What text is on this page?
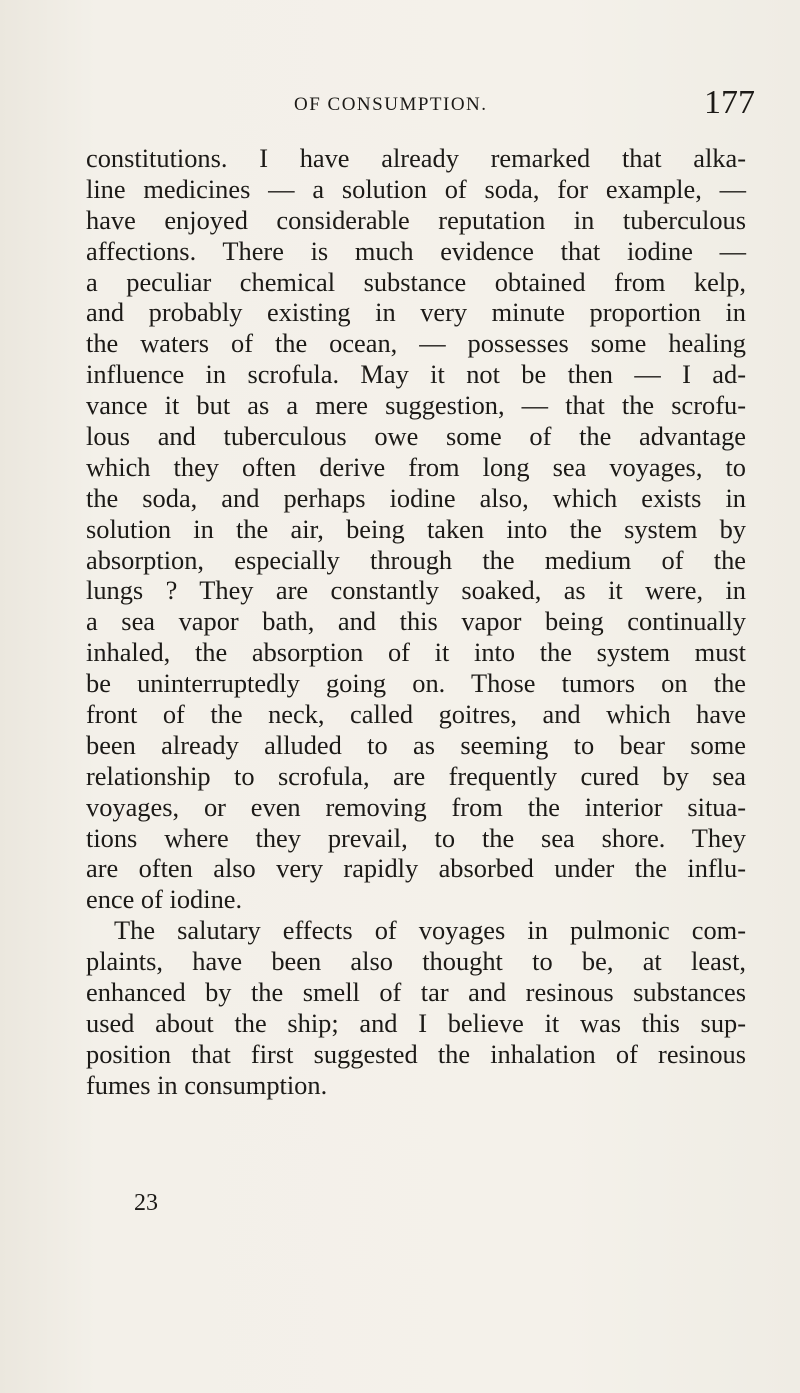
OF CONSUMPTION.	177
constitutions. I have already remarked that alka-
line medicines — a solution of soda, for example, —
have enjoyed considerable reputation in tuberculous
affections. There is much evidence that iodine —
a peculiar chemical substance obtained from kelp,
and probably existing in very minute proportion in
the waters of the ocean, — possesses some healing
influence in scrofula. May it not be then — I ad-
vance it but as a mere suggestion, — that the scrofu-
lous and tuberculous owe some of the advantage
which they often derive from long sea voyages, to
the soda, and perhaps iodine also, which exists in
solution in the air, being taken into the system by
absorption, especially through the medium of the
lungs ? They are constantly soaked, as it were, in
a sea vapor bath, and this vapor being continually
inhaled, the absorption of it into the system must
be uninterruptedly going on. Those tumors on the
front of the neck, called goitres, and which have
been already alluded to as seeming to bear some
relationship to scrofula, are frequently cured by sea
voyages, or even removing from the interior situa-
tions where they prevail, to the sea shore. They
are often also very rapidly absorbed under the influ-
ence of iodine.
The salutary effects of voyages in pulmonic com-
plaints, have been also thought to be, at least,
enhanced by the smell of tar and resinous substances
used about the ship; and I believe it was this sup-
position that first suggested the inhalation of resinous
fumes in consumption.
23
